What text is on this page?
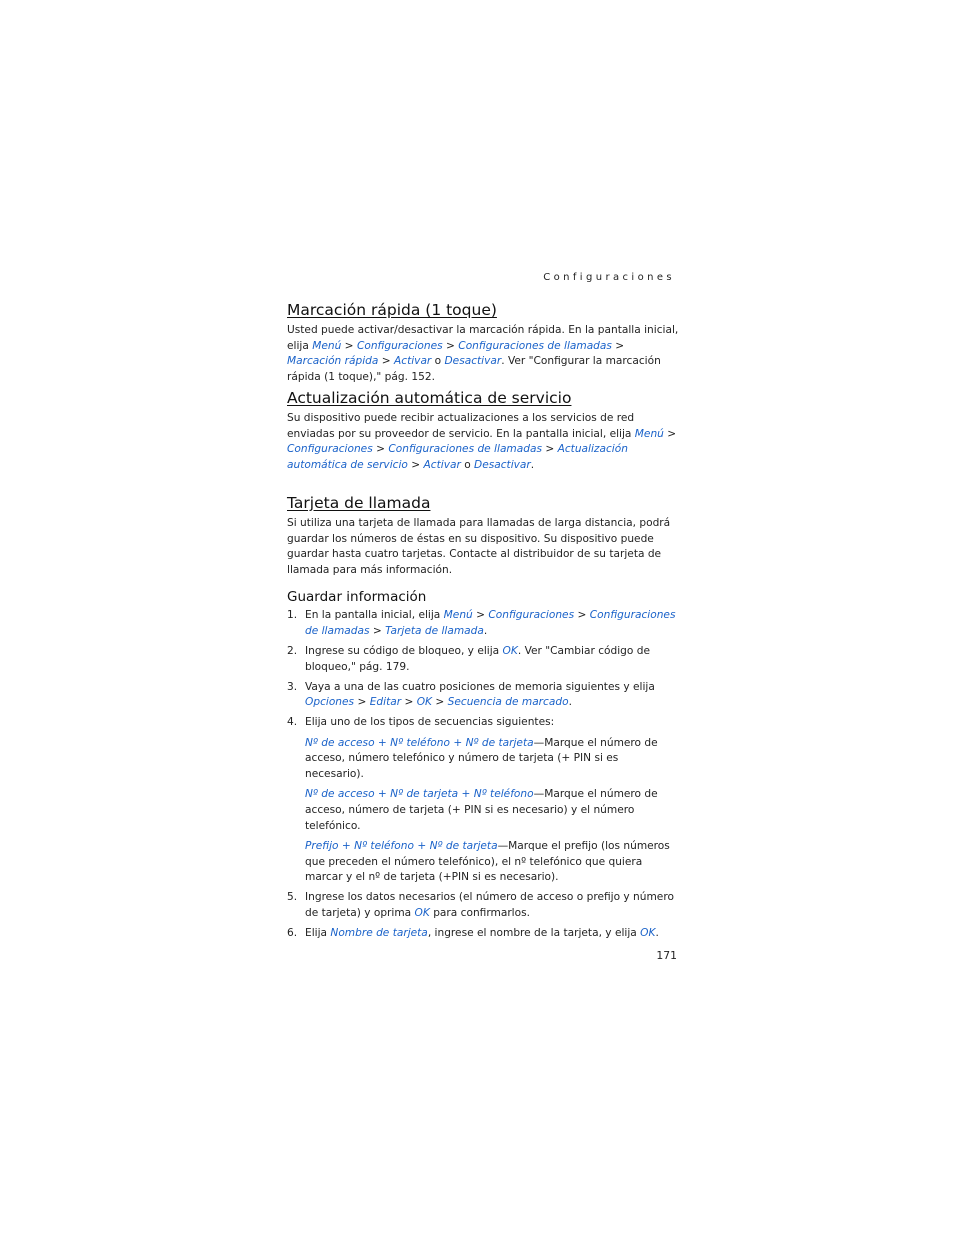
Configuraciones
Marcación rápida (1 toque)

Usted puede activar/desactivar la marcación rápida. En la pantalla inicial, elija Menú > Configuraciones > Configuraciones de llamadas > Marcación rápida > Activar o Desactivar. Ver "Configurar la marcación rápida (1 toque)," pág. 152.

Actualización automática de servicio

Su dispositivo puede recibir actualizaciones a los servicios de red enviadas por su proveedor de servicio. En la pantalla inicial, elija Menú > Configuraciones > Configuraciones de llamadas > Actualización automática de servicio > Activar o Desactivar.

Tarjeta de llamada

Si utiliza una tarjeta de llamada para llamadas de larga distancia, podrá guardar los números de éstas en su dispositivo. Su dispositivo puede guardar hasta cuatro tarjetas. Contacte al distribuidor de su tarjeta de llamada para más información.

Guardar información
1. En la pantalla inicial, elija Menú > Configuraciones > Configuraciones de llamadas > Tarjeta de llamada.

2. Ingrese su código de bloqueo, y elija OK. Ver "Cambiar código de bloqueo," pág. 179.

3. Vaya a una de las cuatro posiciones de memoria siguientes y elija Opciones > Editar > OK > Secuencia de marcado.

4. Elija uno de los tipos de secuencias siguientes:

Nº de acceso + Nº teléfono + Nº de tarjeta—Marque el número de acceso, número telefónico y número de tarjeta (+ PIN si es necesario).

Nº de acceso + Nº de tarjeta + Nº teléfono—Marque el número de acceso, número de tarjeta (+ PIN si es necesario) y el número telefónico.

Prefijo + Nº teléfono + Nº de tarjeta—Marque el prefijo (los números que preceden el número telefónico), el nº telefónico que quiera marcar y el nº de tarjeta (+PIN si es necesario).

5. Ingrese los datos necesarios (el número de acceso o prefijo y número de tarjeta) y oprima OK para confirmarlos.

6. Elija Nombre de tarjeta, ingrese el nombre de la tarjeta, y elija OK.

171
